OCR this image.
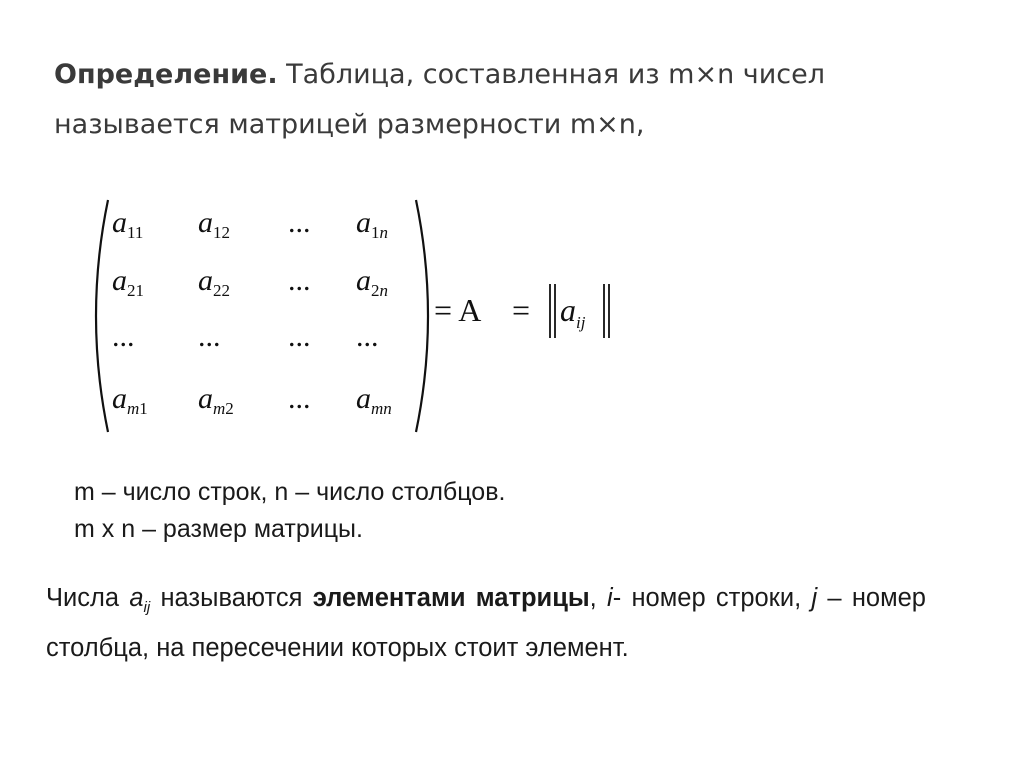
Определение. Таблица, составленная из m×n чисел называется матрицей размерности m×n,
$a_{11}$ $a_{12}$ ... $a_{1n}$
$a_{21}$ $a_{22}$ ... $a_{2n}$
... ... ... ...
$a_{m1}$ $a_{m2}$ ... $a_{mn}$
= $A = a_{ij}$
m – число строк, n – число столбцов.
m x n – размер матрицы.
Числа $a_{ij}$ называются элементами матрицы, i- номер строки, j – номер столбца, на пересечении которых стоит элемент.
